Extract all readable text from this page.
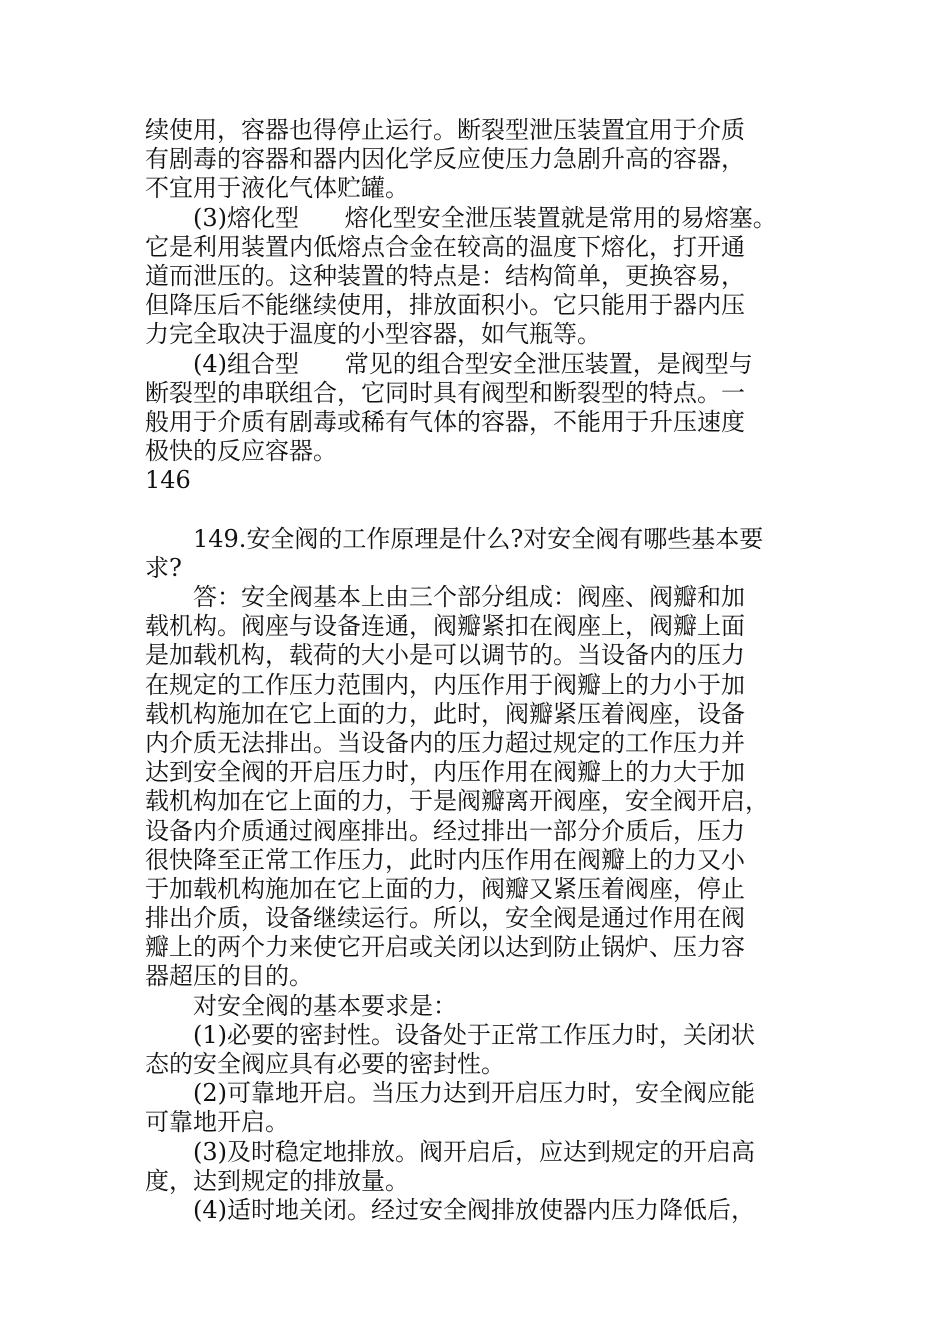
续使用，容器也得停止运行。断裂型泄压装置宜用于介质
有剧毒的容器和器内因化学反应使压力急剧升高的容器，
不宜用于液化气体贮罐。
(3)熔化型      熔化型安全泄压装置就是常用的易熔塞。
它是利用装置内低熔点合金在较高的温度下熔化，打开通
道而泄压的。这种装置的特点是：结构简单，更换容易，
但降压后不能继续使用，排放面积小。它只能用于器内压
力完全取决于温度的小型容器，如气瓶等。
(4)组合型      常见的组合型安全泄压装置，是阀型与
断裂型的串联组合，它同时具有阀型和断裂型的特点。一
般用于介质有剧毒或稀有气体的容器，不能用于升压速度
极快的反应容器。
146
149.安全阀的工作原理是什么?对安全阀有哪些基本要
求?
答：安全阀基本上由三个部分组成：阀座、阀瓣和加
载机构。阀座与设备连通，阀瓣紧扣在阀座上，阀瓣上面
是加载机构，载荷的大小是可以调节的。当设备内的压力
在规定的工作压力范围内，内压作用于阀瓣上的力小于加
载机构施加在它上面的力，此时，阀瓣紧压着阀座，设备
内介质无法排出。当设备内的压力超过规定的工作压力并
达到安全阀的开启压力时，内压作用在阀瓣上的力大于加
载机构加在它上面的力，于是阀瓣离开阀座，安全阀开启，
设备内介质通过阀座排出。经过排出一部分介质后，压力
很快降至正常工作压力，此时内压作用在阀瓣上的力又小
于加载机构施加在它上面的力，阀瓣又紧压着阀座，停止
排出介质，设备继续运行。所以，安全阀是通过作用在阀
瓣上的两个力来使它开启或关闭以达到防止锅炉、压力容
器超压的目的。
对安全阀的基本要求是：
(1)必要的密封性。设备处于正常工作压力时，关闭状
态的安全阀应具有必要的密封性。
(2)可靠地开启。当压力达到开启压力时，安全阀应能
可靠地开启。
(3)及时稳定地排放。阀开启后，应达到规定的开启高
度，达到规定的排放量。
(4)适时地关闭。经过安全阀排放使器内压力降低后，
